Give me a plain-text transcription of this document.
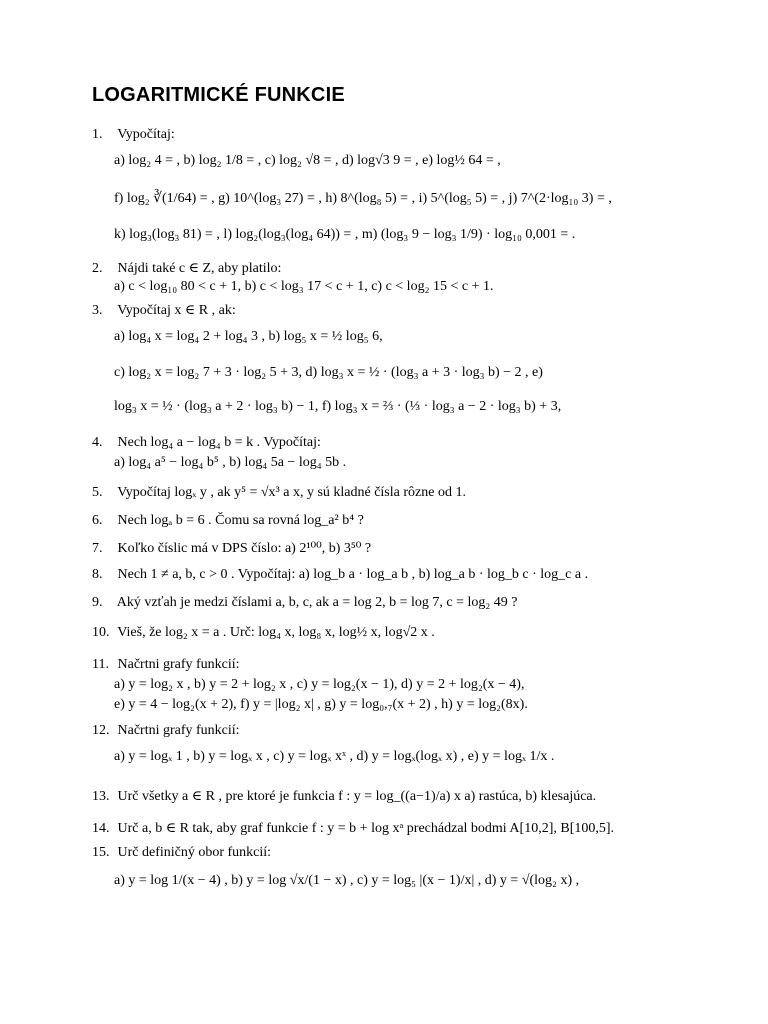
LOGARITMICKÉ FUNKCIE
1. Vypočítaj:
a) log₂ 4 = , b) log₂ 1/8 = , c) log₂ √8 = , d) log√3 9 = , e) log½ 64 = ,
f) log₂ ∛(1/64) = , g) 10^(log₃ 27) = , h) 8^(log₈ 5) = , i) 5^(log₅ 5) = , j) 7^(2·log₁₀ 3) = ,
k) log₃(log₃ 81) = , l) log₂(log₃(log₄ 64)) = , m) (log₃ 9 − log₃ 1/9) · log₁₀ 0,001 = .
2. Nájdi také c ∈ Z, aby platilo:
a) c < log₁₀ 80 < c + 1, b) c < log₃ 17 < c + 1, c) c < log₂ 15 < c + 1.
3. Vypočítaj x ∈ R , ak:
a) log₄ x = log₄ 2 + log₄ 3 , b) log₅ x = ½ log₅ 6,
c) log₂ x = log₂ 7 + 3 · log₂ 5 + 3, d) log₃ x = ½ · (log₃ a + 3 · log₃ b) − 2 , e)
log₃ x = ½ · (log₃ a + 2 · log₃ b) − 1, f) log₃ x = ⅔ · (⅓ · log₃ a − 2 · log₃ b) + 3,
4. Nech log₄ a − log₄ b = k . Vypočítaj:
a) log₄ a⁵ − log₄ b⁵ , b) log₄ 5a − log₄ 5b .
5. Vypočítaj logₓ y , ak y⁵ = √x³ a x, y sú kladné čísla rôzne od 1.
6. Nech logₐ b = 6 . Čomu sa rovná log_a² b⁴ ?
7. Koľko číslic má v DPS číslo: a) 2¹⁰⁰, b) 3⁵⁰ ?
8. Nech 1 ≠ a, b, c > 0 . Vypočítaj: a) log_b a · log_a b , b) log_a b · log_b c · log_c a .
9. Aký vzťah je medzi číslami a, b, c, ak a = log 2, b = log 7, c = log₂ 49 ?
10. Vieš, že log₂ x = a . Urč: log₄ x, log₈ x, log½ x, log√2 x .
11. Načrtni grafy funkcií:
a) y = log₂ x , b) y = 2 + log₂ x , c) y = log₂(x − 1), d) y = 2 + log₂(x − 4),
e) y = 4 − log₂(x + 2), f) y = |log₂ x| , g) y = log₀,₇(x + 2) , h) y = log₂(8x).
12. Načrtni grafy funkcií:
a) y = logₓ 1 , b) y = logₓ x , c) y = logₓ xˣ , d) y = logₓ(logₓ x) , e) y = logₓ 1/x .
13. Urč všetky a ∈ R , pre ktoré je funkcia f : y = log_((a−1)/a) x a) rastúca, b) klesajúca.
14. Urč a, b ∈ R tak, aby graf funkcie f : y = b + log xᵃ prechádzal bodmi A[10,2], B[100,5].
15. Urč definičný obor funkcií:
a) y = log 1/(x − 4) , b) y = log √x/(1 − x) , c) y = log₅ |(x − 1)/x| , d) y = √(log₂ x) ,
